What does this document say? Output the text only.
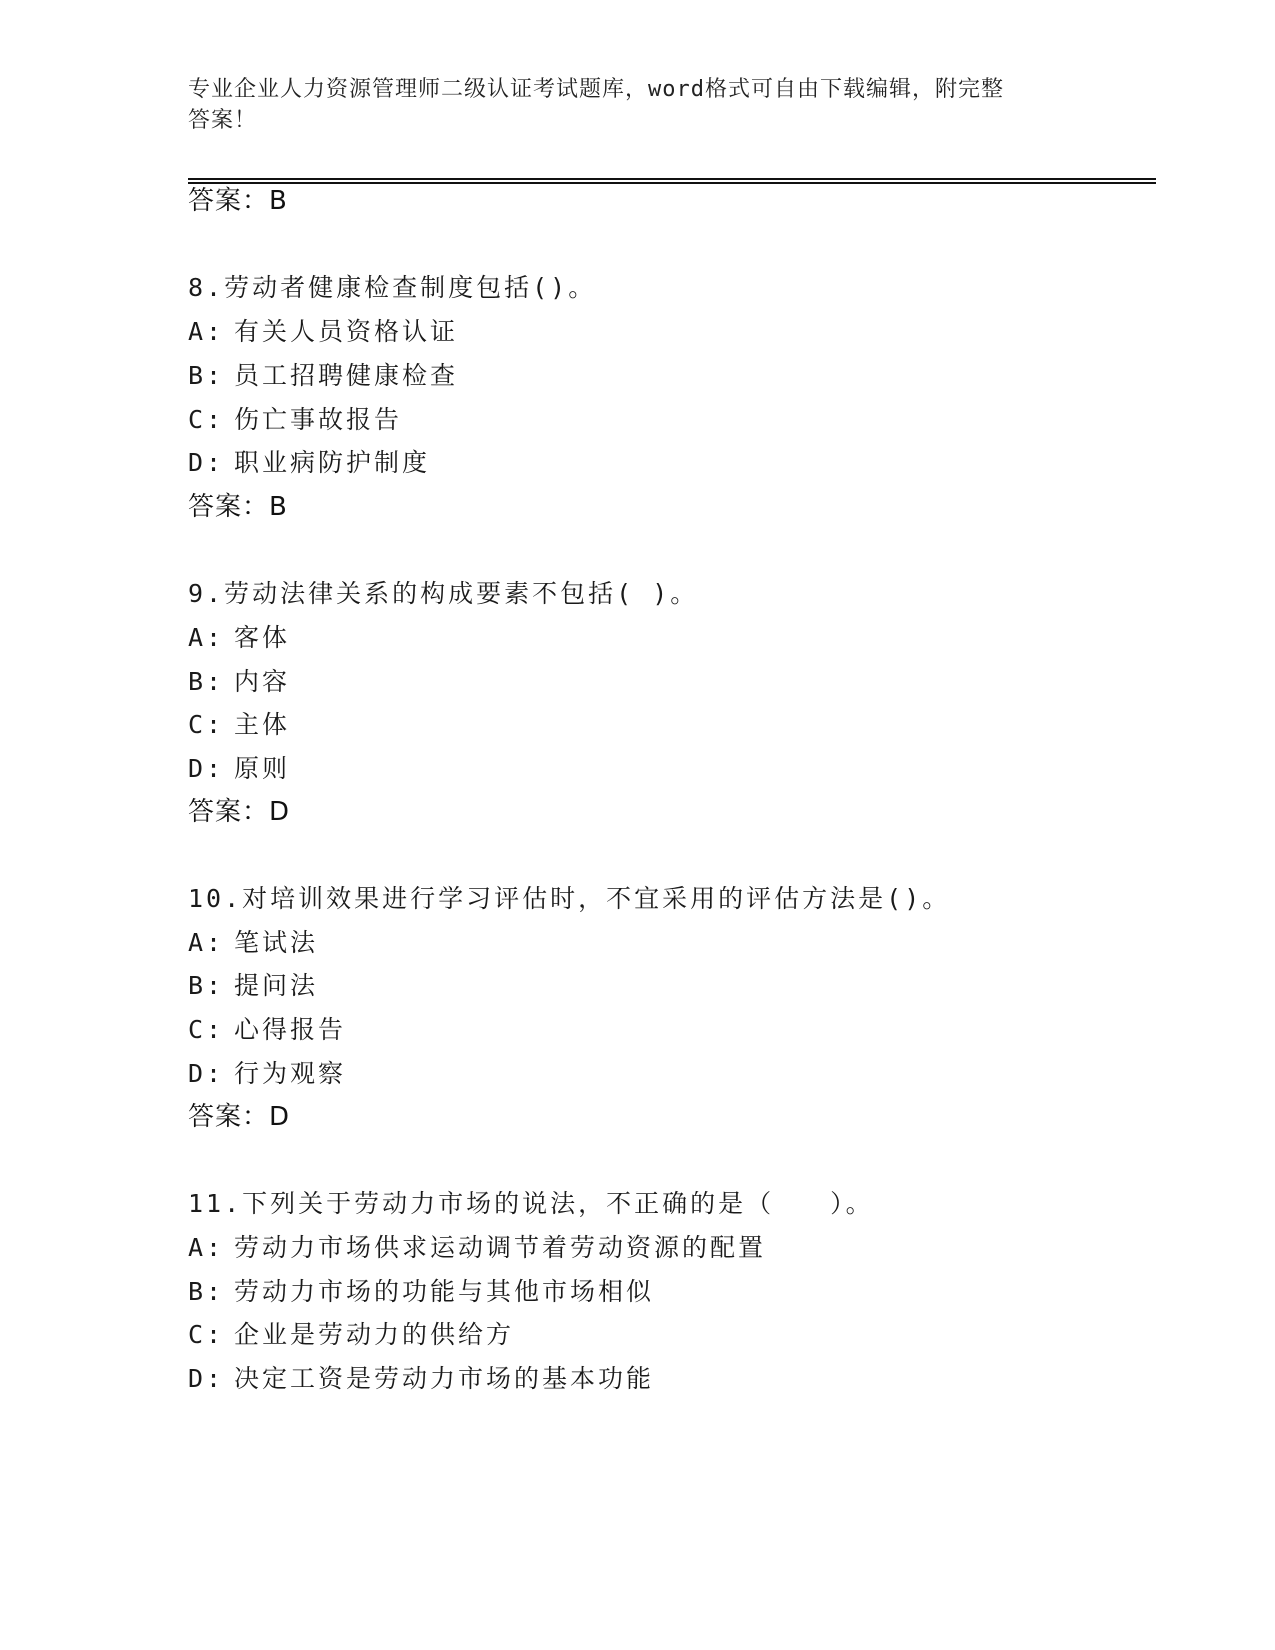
专业企业人力资源管理师二级认证考试题库，word格式可自由下载编辑，附完整
答案！
答案：B
8.劳动者健康检查制度包括()。
A: 有关人员资格认证
B: 员工招聘健康检查
C: 伤亡事故报告
D: 职业病防护制度
答案：B
9.劳动法律关系的构成要素不包括( )。
A: 客体
B: 内容
C: 主体
D: 原则
答案：D
10.对培训效果进行学习评估时，不宜采用的评估方法是()。
A: 笔试法
B: 提问法
C: 心得报告
D: 行为观察
答案：D
11.下列关于劳动力市场的说法，不正确的是（　　）。
A: 劳动力市场供求运动调节着劳动资源的配置
B: 劳动力市场的功能与其他市场相似
C: 企业是劳动力的供给方
D: 决定工资是劳动力市场的基本功能
